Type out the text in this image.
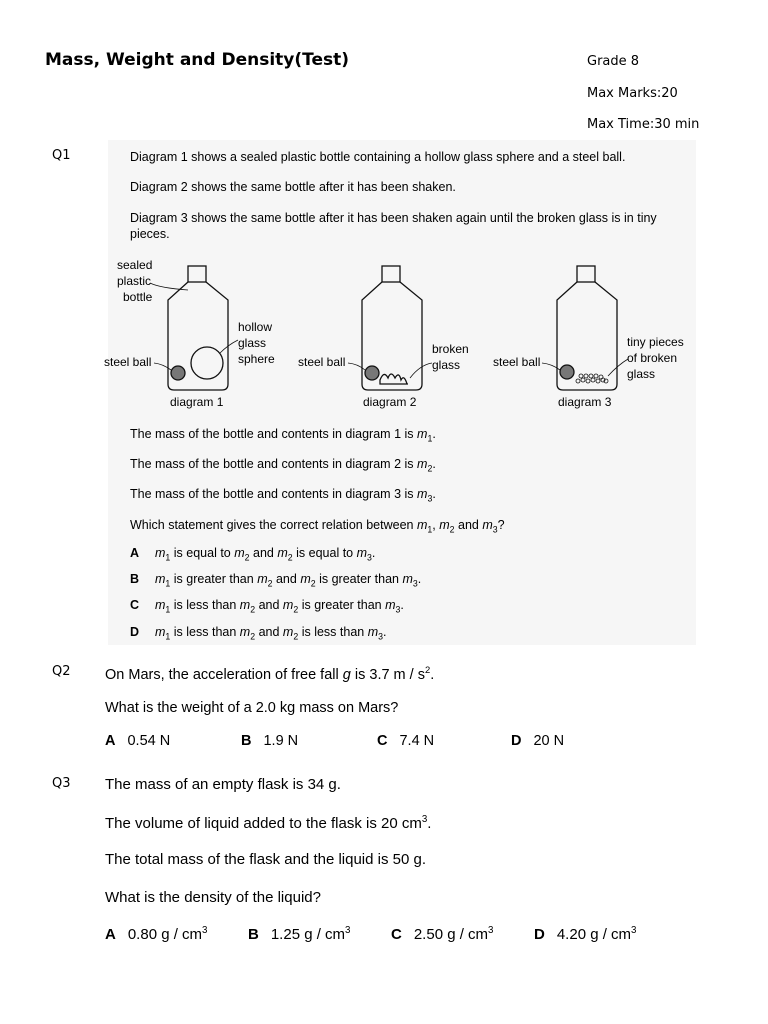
Mass, Weight and Density(Test)	Grade 8
Max Marks:20
Max Time:30 min
Q1	Diagram 1 shows a sealed plastic bottle containing a hollow glass sphere and a steel ball.
Diagram 2 shows the same bottle after it has been shaken.
Diagram 3 shows the same bottle after it has been shaken again until the broken glass is in tiny
pieces.
sealed
plastic
bottle
hollow
glass
sphere
steel ball	steel ball
broken
glass	steel ball
tiny pieces
of broken
glass
diagram 1	diagram 2	diagram 3
The mass of the bottle and contents in diagram 1 is $m_1$.
The mass of the bottle and contents in diagram 2 is $m_2$.
The mass of the bottle and contents in diagram 3 is $m_3$.
Which statement gives the correct relation between $m_1$, $m_2$ and $m_3$?
A $m_1$ is equal to $m_2$ and $m_2$ is equal to $m_3$.
B $m_1$ is greater than $m_2$ and $m_2$ is greater than $m_3$.
C $m_1$ is less than $m_2$ and $m_2$ is greater than $m_3$.
D $m_1$ is less than $m_2$ and $m_2$ is less than $m_3$.
Q2 On Mars, the acceleration of free fall g is 3.7 m / $s^2$.
What is the weight of a 2.0 kg mass on Mars?
A 0.54 N	B 1.9 N	C 7.4 N	D 20 N
Q3 The mass of an empty flask is 34 g.
The volume of liquid added to the flask is 20 $cm^3$.
The total mass of the flask and the liquid is 50 g.
What is the density of the liquid?
A 0.80 g / $cm^3$	B 1.25 g / $cm^3$	C 2.50 g / $cm^3$	D 4.20 g / $cm^3$
